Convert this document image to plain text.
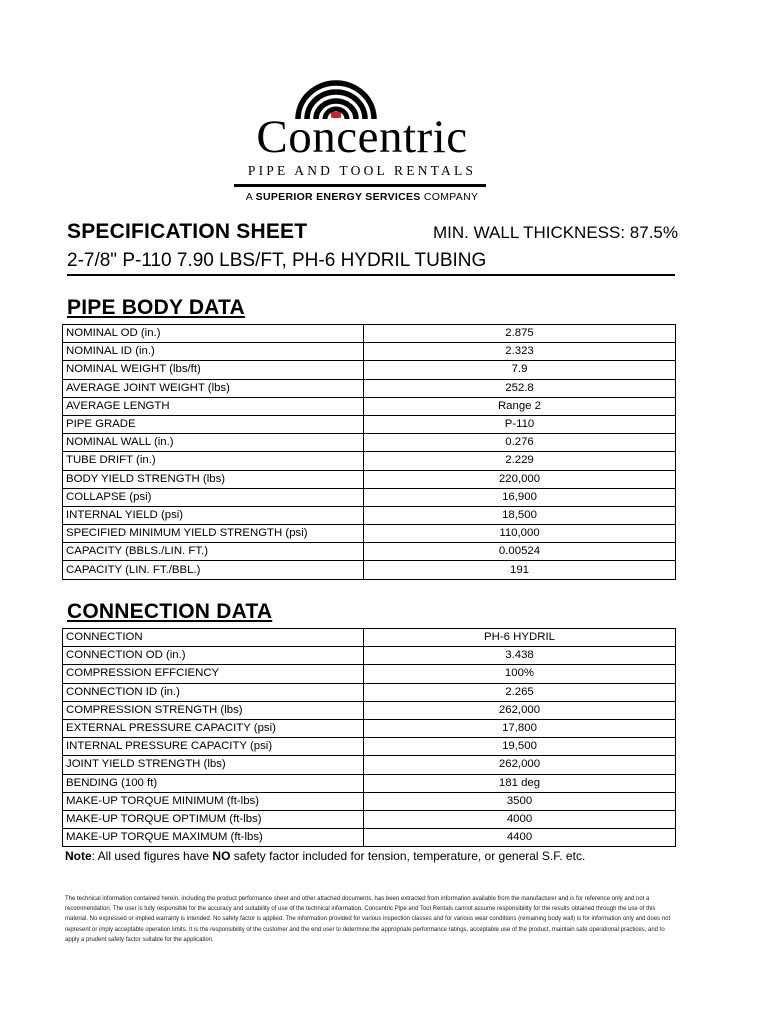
Concentric
PIPE AND TOOL RENTALS
A SUPERIOR ENERGY SERVICES COMPANY
SPECIFICATION SHEET	MIN. WALL THICKNESS: 87.5%
2-7/8" P-110 7.90 LBS/FT, PH-6 HYDRIL TUBING
PIPE BODY DATA
NOMINAL OD (in.)	2.875
NOMINAL ID (in.)	2.323
NOMINAL WEIGHT (lbs/ft)	7.9
AVERAGE JOINT WEIGHT (lbs)	252.8
AVERAGE LENGTH	Range 2
PIPE GRADE	P-110
NOMINAL WALL (in.)	0.276
TUBE DRIFT (in.)	2.229
BODY YIELD STRENGTH (lbs)	220,000
COLLAPSE (psi)	16,900
INTERNAL YIELD (psi)	18,500
SPECIFIED MINIMUM YIELD STRENGTH (psi)	110,000
CAPACITY (BBLS./LIN. FT.)	0.00524
CAPACITY (LIN. FT./BBL.)	191
CONNECTION DATA
CONNECTION	PH-6 HYDRIL
CONNECTION OD (in.)	3.438
COMPRESSION EFFCIENCY	100%
CONNECTION ID (in.)	2.265
COMPRESSION STRENGTH (lbs)	262,000
EXTERNAL PRESSURE CAPACITY (psi)	17,800
INTERNAL PRESSURE CAPACITY (psi)	19,500
JOINT YIELD STRENGTH (lbs)	262,000
BENDING (100 ft)	181 deg
MAKE-UP TORQUE MINIMUM (ft-lbs)	3500
MAKE-UP TORQUE OPTIMUM (ft-lbs)	4000
MAKE-UP TORQUE MAXIMUM (ft-lbs)	4400
Note: All used figures have NO safety factor included for tension, temperature, or general S.F. etc.
The technical information contained herein, including the product performance sheet and other attached documents, has been extracted from information available from the manufacturer and is for reference only and not a recommendation. The user is fully responsible for the accuracy and suitability of use of the technical information. Concentric Pipe and Tool Rentals cannot assume responsibility for the results obtained through the use of this material. No expressed or implied warranty is intended. No safety factor is applied. The information provided for various inspection classes and for various wear conditions (remaining body wall) is for information only and does not represent or imply acceptable operation limits. It is the responsibility of the customer and the end user to determine the appropriate performance ratings, acceptable use of the product, maintain safe operational practices, and to apply a prudent safety factor suitable for the application.
